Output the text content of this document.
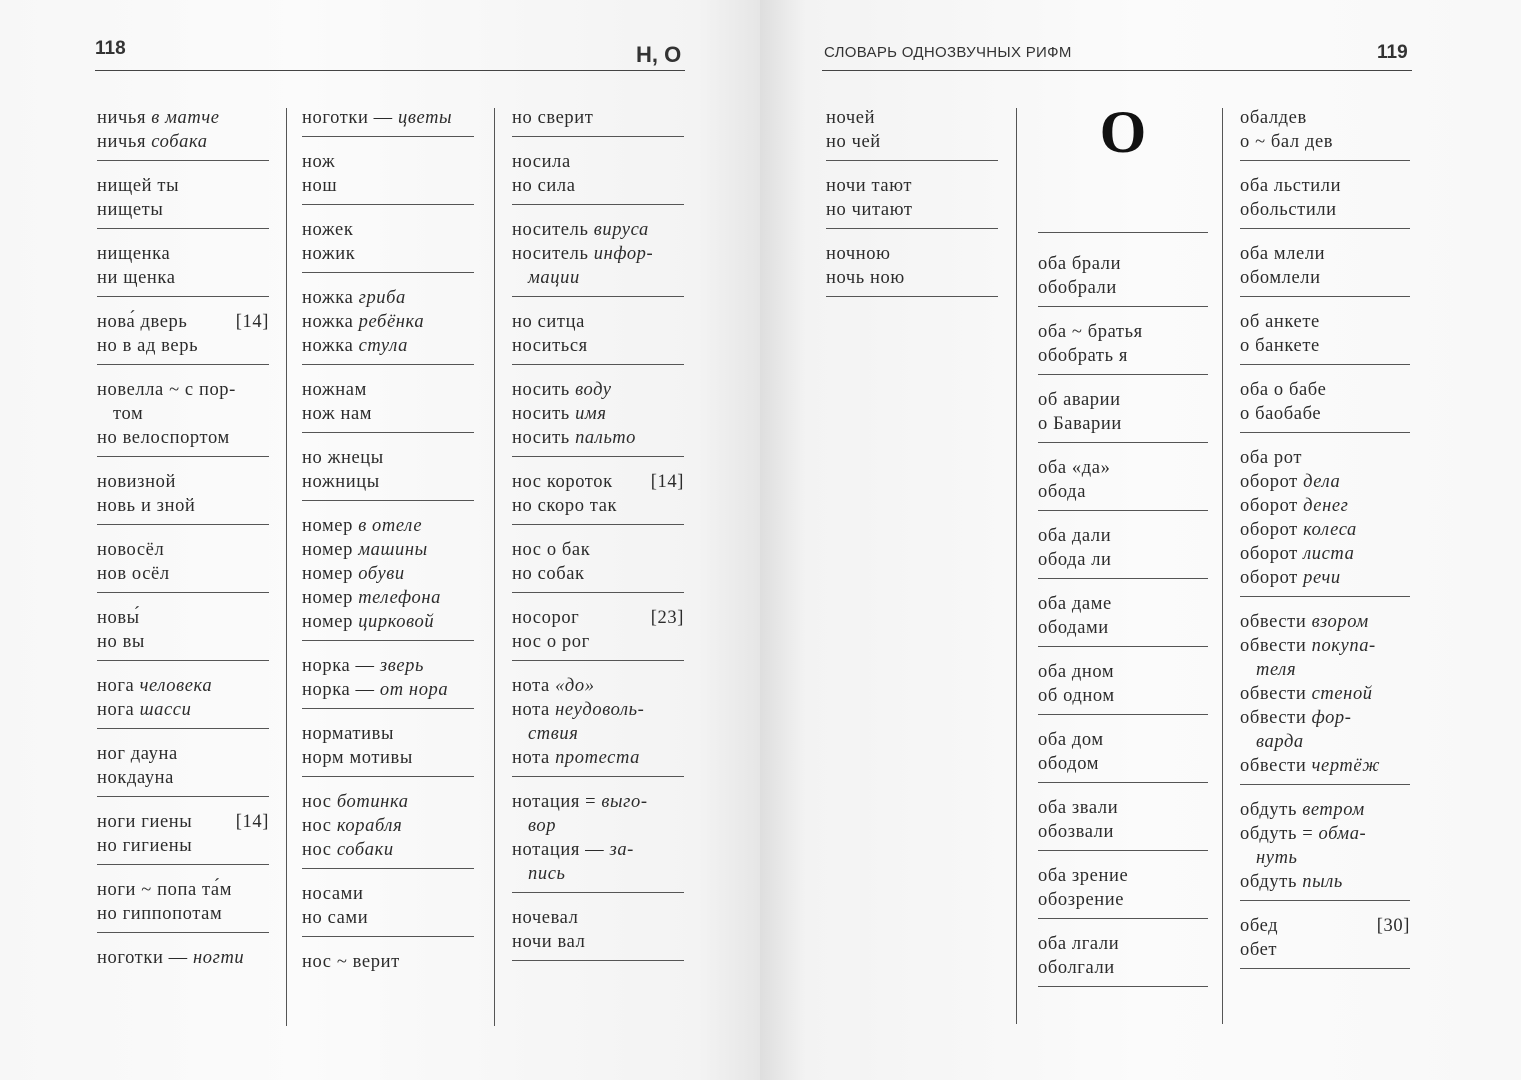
118	Н, О
ничья в матче
ничья собака
нищей ты
нищеты
нищенка
ни щенка
нова́ дверь	[14]
но в ад верь
новелла ~ с пор-
том
но велоспортом
новизной
новь и зной
новосёл
нов осёл
новы́
но вы
нога человека
нога шасси
ног дауна
нокдауна
ноги гиены	[14]
но гигиены
ноги ~ попа та́м
но гиппопотам
ноготки — ногти
ноготки — цветы
нож
нош
ножек
ножик
ножка гриба
ножка ребёнка
ножка стула
ножнам
нож нам
но жнецы
ножницы
номер в отеле
номер машины
номер обуви
номер телефона
номер цирковой
норка — зверь
норка — от нора
нормативы
норм мотивы
нос ботинка
нос корабля
нос собаки
носами
но сами
нос ~ верит
но сверит
носила
но сила
носитель вируса
носитель инфор-
мации
но ситца
носиться
носить воду
носить имя
носить пальто
нос короток	[14]
но скоро так
нос о бак
но собак
носорог	[23]
нос о рог
нота «до»
нота неудоволь-
ствия
нота протеста
нотация = выго-
вор
нотация — за-
пись
ночевал
ночи вал
СЛОВАРЬ ОДНОЗВУЧНЫХ РИФМ	119
ночей
но чей
ночи тают
но читают
ночною
ночь ною
О
оба брали
обобрали
оба ~ братья
обобрать я
об аварии
о Баварии
оба «да»
обода
оба дали
обода ли
оба даме
ободами
оба дном
об одном
оба дом
ободом
оба звали
обозвали
оба зрение
обозрение
оба лгали
оболгали
обалдев
о ~ бал дев
оба льстили
обольстили
оба млели
обомлели
об анкете
о банкете
оба о бабе
о баобабе
оба рот
оборот дела
оборот денег
оборот колеса
оборот листа
оборот речи
обвести взором
обвести покупа-
теля
обвести стеной
обвести фор-
варда
обвести чертёж
обдуть ветром
обдуть = обма-
нуть
обдуть пыль
обед	[30]
обет
